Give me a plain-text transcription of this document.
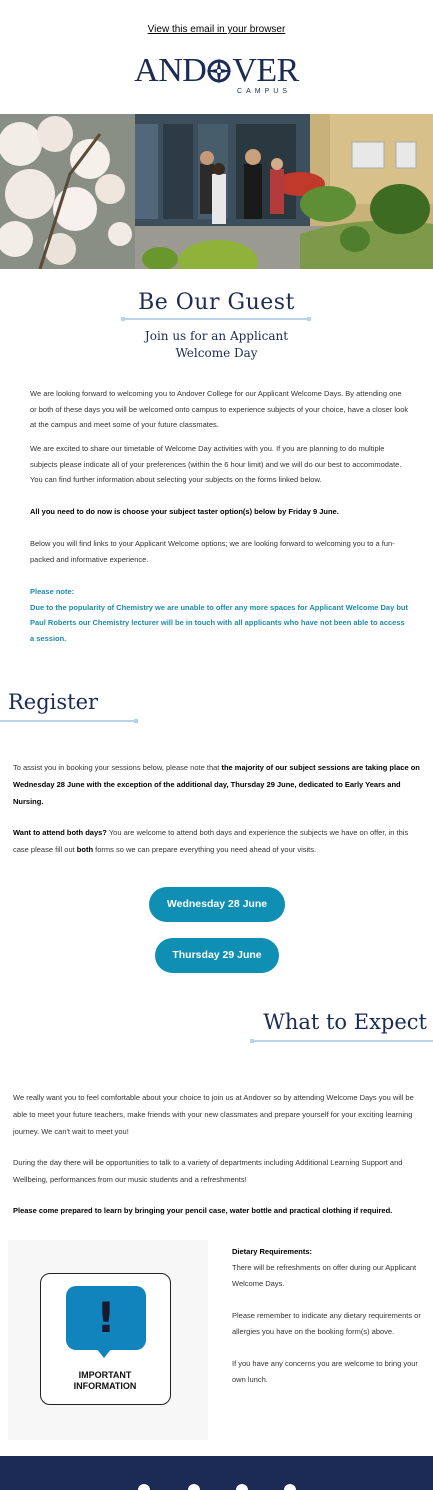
View this email in your browser
AND VER
CAMPUS
Be Our Guest
Join us for an Applicant
Welcome Day
We are looking forward to welcoming you to Andover College for our Applicant Welcome Days. By attending one or both of these days you will be welcomed onto campus to experience subjects of your choice, have a closer look at the campus and meet some of your future classmates.
We are excited to share our timetable of Welcome Day activities with you. If you are planning to do multiple subjects please indicate all of your preferences (within the 6 hour limit) and we will do our best to accommodate. You can find further information about selecting your subjects on the forms linked below.
All you need to do now is choose your subject taster option(s) below by Friday 9 June.
Below you will find links to your Applicant Welcome options; we are looking forward to welcoming you to a fun-packed and informative experience.
Please note:
Due to the popularity of Chemistry we are unable to offer any more spaces for Applicant Welcome Day but Paul Roberts our Chemistry lecturer will be in touch with all applicants who have not been able to access a session.
Register
To assist you in booking your sessions below, please note that the majority of our subject sessions are taking place on Wednesday 28 June with the exception of the additional day, Thursday 29 June, dedicated to Early Years and Nursing.
Want to attend both days? You are welcome to attend both days and experience the subjects we have on offer, in this case please fill out both forms so we can prepare everything you need ahead of your visits.
Wednesday 28 June
Thursday 29 June
What to Expect
We really want you to feel comfortable about your choice to join us at Andover so by attending Welcome Days you will be able to meet your future teachers, make friends with your new classmates and prepare yourself for your exciting learning journey. We can't wait to meet you!
During the day there will be opportunities to talk to a variety of departments including Additional Learning Support and Wellbeing, performances from our music students and a refreshments!
Please come prepared to learn by bringing your pencil case, water bottle and practical clothing if required.
!
IMPORTANT
INFORMATION
Dietary Requirements:

There will be refreshments on offer during our Applicant Welcome Days.

Please remember to indicate any dietary requirements or allergies you have on the booking form(s) above.

If you have any concerns you are welcome to bring your own lunch.
